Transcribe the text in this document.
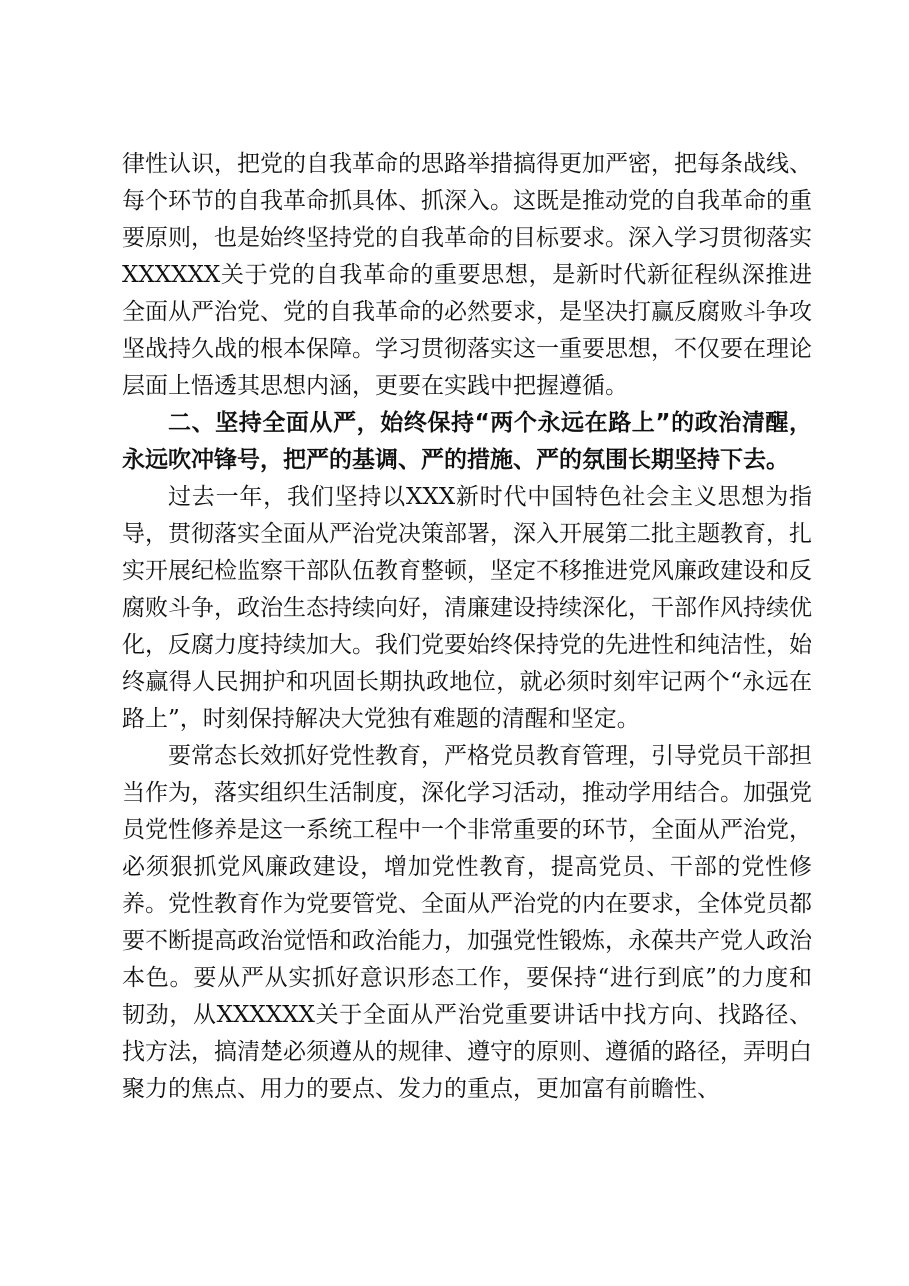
律性认识，把党的自我革命的思路举措搞得更加严密，把每条战线、每个环节的自我革命抓具体、抓深入。这既是推动党的自我革命的重要原则，也是始终坚持党的自我革命的目标要求。深入学习贯彻落实XXXXXX关于党的自我革命的重要思想，是新时代新征程纵深推进全面从严治党、党的自我革命的必然要求，是坚决打赢反腐败斗争攻坚战持久战的根本保障。学习贯彻落实这一重要思想，不仅要在理论层面上悟透其思想内涵，更要在实践中把握遵循。

二、坚持全面从严，始终保持“两个永远在路上”的政治清醒，永远吹冲锋号，把严的基调、严的措施、严的氛围长期坚持下去。

过去一年，我们坚持以XXX新时代中国特色社会主义思想为指导，贯彻落实全面从严治党决策部署，深入开展第二批主题教育，扎实开展纪检监察干部队伍教育整顿，坚定不移推进党风廉政建设和反腐败斗争，政治生态持续向好，清廉建设持续深化，干部作风持续优化，反腐力度持续加大。我们党要始终保持党的先进性和纯洁性，始终赢得人民拥护和巩固长期执政地位，就必须时刻牢记两个“永远在路上”，时刻保持解决大党独有难题的清醒和坚定。

要常态长效抓好党性教育，严格党员教育管理，引导党员干部担当作为，落实组织生活制度，深化学习活动，推动学用结合。加强党员党性修养是这一系统工程中一个非常重要的环节，全面从严治党，必须狠抓党风廉政建设，增加党性教育，提高党员、干部的党性修养。党性教育作为党要管党、全面从严治党的内在要求，全体党员都要不断提高政治觉悟和政治能力，加强党性锻炼，永葆共产党人政治本色。要从严从实抓好意识形态工作，要保持“进行到底”的力度和韧劲，从XXXXXX关于全面从严治党重要讲话中找方向、找路径、找方法，搞清楚必须遵从的规律、遵守的原则、遵循的路径，弄明白聚力的焦点、用力的要点、发力的重点，更加富有前瞻性、
